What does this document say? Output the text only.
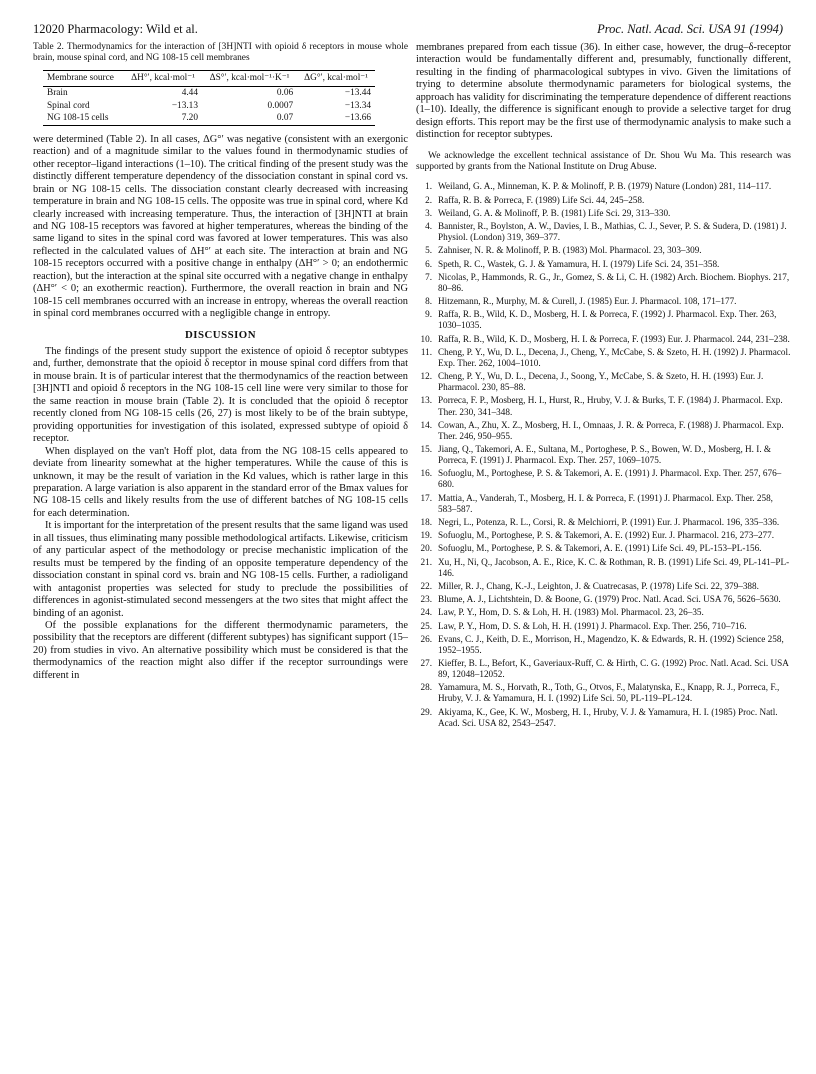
12020 Pharmacology: Wild et al.	Proc. Natl. Acad. Sci. USA 91 (1994)
Table 2. Thermodynamics for the interaction of [3H]NTI with opioid δ receptors in mouse whole brain, mouse spinal cord, and NG 108-15 cell membranes
Membrane source	ΔH°′, kcal·mol⁻¹	ΔS°′, kcal·mol⁻¹·K⁻¹	ΔG°′, kcal·mol⁻¹
Brain	4.44	0.06	−13.44
Spinal cord	−13.13	0.0007	−13.34
NG 108-15 cells	7.20	0.07	−13.66

were determined (Table 2). In all cases, ΔG°′ was negative (consistent with an exergonic reaction) and of a magnitude similar to the values found in thermodynamic studies of other receptor–ligand interactions (1–10). The critical finding of the present study was the distinctly different temperature dependency of the dissociation constant in spinal cord vs. brain or NG 108-15 cells. The dissociation constant clearly decreased with increasing temperature in brain and NG 108-15 cells. The opposite was true in spinal cord, where Kd clearly increased with increasing temperature. Thus, the interaction of [3H]NTI at brain and NG 108-15 receptors was favored at higher temperatures, whereas the binding of the same ligand to sites in the spinal cord was favored at lower temperatures. This was also reflected in the calculated values of ΔH°′ at each site. The interaction at brain and NG 108-15 receptors occurred with a positive change in enthalpy (ΔH°′ > 0; an endothermic reaction), but the interaction at the spinal site occurred with a negative change in enthalpy (ΔH°′ < 0; an exothermic reaction). Furthermore, the overall reaction in brain and NG 108-15 cell membranes occurred with an increase in entropy, whereas the overall reaction in spinal cord membranes occurred with a negligible change in entropy.

DISCUSSION

The findings of the present study support the existence of opioid δ receptor subtypes and, further, demonstrate that the opioid δ receptor in mouse spinal cord differs from that in mouse brain. It is of particular interest that the thermodynamics of the reaction between [3H]NTI and opioid δ receptors in the NG 108-15 cell line were very similar to those for the same reaction in mouse brain (Table 2). It is concluded that the opioid δ receptor recently cloned from NG 108-15 cells (26, 27) is most likely to be of the brain subtype, providing opportunities for investigation of this isolated, expressed subtype of opioid δ receptor.

When displayed on the van't Hoff plot, data from the NG 108-15 cells appeared to deviate from linearity somewhat at the higher temperatures. While the cause of this is unknown, it may be the result of variation in the Kd values, which is rather large in this preparation. A large variation is also apparent in the standard error of the Bmax values for NG 108-15 cells and likely results from the use of different batches of NG 108-15 cells for each determination.

It is important for the interpretation of the present results that the same ligand was used in all tissues, thus eliminating many possible methodological artifacts. Likewise, criticism of any particular aspect of the methodology or precise mechanistic implication of the results must be tempered by the finding of an opposite temperature dependency of the dissociation constant in spinal cord vs. brain and NG 108-15 cells. Further, a radioligand with antagonist properties was selected for study to preclude the possibilities of differences in agonist-stimulated second messengers at the two sites that might affect the binding of an agonist.

Of the possible explanations for the different thermodynamic parameters, the possibility that the receptors are different (different subtypes) has significant support (15–20) from studies in vivo. An alternative possibility which must be considered is that the thermodynamics of the reaction might also differ if the receptor surroundings were different in

membranes prepared from each tissue (36). In either case, however, the drug–δ-receptor interaction would be fundamentally different and, presumably, functionally different, resulting in the finding of pharmacological subtypes in vivo. Given the limitations of trying to determine absolute thermodynamic parameters for biological systems, the approach has validity for discriminating the temperature dependence of different reactions (1–10). Ideally, the difference is significant enough to provide a selective target for drug design efforts. This report may be the first use of thermodynamic analysis to make such a distinction for receptor subtypes.

We acknowledge the excellent technical assistance of Dr. Shou Wu Ma. This research was supported by grants from the National Institute on Drug Abuse.

1. Weiland, G. A., Minneman, K. P. & Molinoff, P. B. (1979) Nature (London) 281, 114–117.
2. Raffa, R. B. & Porreca, F. (1989) Life Sci. 44, 245–258.
3. Weiland, G. A. & Molinoff, P. B. (1981) Life Sci. 29, 313–330.
4. Bannister, R., Boylston, A. W., Davies, I. B., Mathias, C. J., Sever, P. S. & Sudera, D. (1981) J. Physiol. (London) 319, 369–377.
5. Zahniser, N. R. & Molinoff, P. B. (1983) Mol. Pharmacol. 23, 303–309.
6. Speth, R. C., Wastek, G. J. & Yamamura, H. I. (1979) Life Sci. 24, 351–358.
7. Nicolas, P., Hammonds, R. G., Jr., Gomez, S. & Li, C. H. (1982) Arch. Biochem. Biophys. 217, 80–86.
8. Hitzemann, R., Murphy, M. & Curell, J. (1985) Eur. J. Pharmacol. 108, 171–177.
9. Raffa, R. B., Wild, K. D., Mosberg, H. I. & Porreca, F. (1992) J. Pharmacol. Exp. Ther. 263, 1030–1035.
10. Raffa, R. B., Wild, K. D., Mosberg, H. I. & Porreca, F. (1993) Eur. J. Pharmacol. 244, 231–238.
11. Cheng, P. Y., Wu, D. L., Decena, J., Cheng, Y., McCabe, S. & Szeto, H. H. (1992) J. Pharmacol. Exp. Ther. 262, 1004–1010.
12. Cheng, P. Y., Wu, D. L., Decena, J., Soong, Y., McCabe, S. & Szeto, H. H. (1993) Eur. J. Pharmacol. 230, 85–88.
13. Porreca, F. P., Mosberg, H. I., Hurst, R., Hruby, V. J. & Burks, T. F. (1984) J. Pharmacol. Exp. Ther. 230, 341–348.
14. Cowan, A., Zhu, X. Z., Mosberg, H. I., Omnaas, J. R. & Porreca, F. (1988) J. Pharmacol. Exp. Ther. 246, 950–955.
15. Jiang, Q., Takemori, A. E., Sultana, M., Portoghese, P. S., Bowen, W. D., Mosberg, H. I. & Porreca, F. (1991) J. Pharmacol. Exp. Ther. 257, 1069–1075.
16. Sofuoglu, M., Portoghese, P. S. & Takemori, A. E. (1991) J. Pharmacol. Exp. Ther. 257, 676–680.
17. Mattia, A., Vanderah, T., Mosberg, H. I. & Porreca, F. (1991) J. Pharmacol. Exp. Ther. 258, 583–587.
18. Negri, L., Potenza, R. L., Corsi, R. & Melchiorri, P. (1991) Eur. J. Pharmacol. 196, 335–336.
19. Sofuoglu, M., Portoghese, P. S. & Takemori, A. E. (1992) Eur. J. Pharmacol. 216, 273–277.
20. Sofuoglu, M., Portoghese, P. S. & Takemori, A. E. (1991) Life Sci. 49, PL-153–PL-156.
21. Xu, H., Ni, Q., Jacobson, A. E., Rice, K. C. & Rothman, R. B. (1991) Life Sci. 49, PL-141–PL-146.
22. Miller, R. J., Chang, K.-J., Leighton, J. & Cuatrecasas, P. (1978) Life Sci. 22, 379–388.
23. Blume, A. J., Lichtshtein, D. & Boone, G. (1979) Proc. Natl. Acad. Sci. USA 76, 5626–5630.
24. Law, P. Y., Hom, D. S. & Loh, H. H. (1983) Mol. Pharmacol. 23, 26–35.
25. Law, P. Y., Hom, D. S. & Loh, H. H. (1991) J. Pharmacol. Exp. Ther. 256, 710–716.
26. Evans, C. J., Keith, D. E., Morrison, H., Magendzo, K. & Edwards, R. H. (1992) Science 258, 1952–1955.
27. Kieffer, B. L., Befort, K., Gaveriaux-Ruff, C. & Hirth, C. G. (1992) Proc. Natl. Acad. Sci. USA 89, 12048–12052.
28. Yamamura, M. S., Horvath, R., Toth, G., Otvos, F., Malatynska, E., Knapp, R. J., Porreca, F., Hruby, V. J. & Yamamura, H. I. (1992) Life Sci. 50, PL-119–PL-124.
29. Akiyama, K., Gee, K. W., Mosberg, H. I., Hruby, V. J. & Yamamura, H. I. (1985) Proc. Natl. Acad. Sci. USA 82, 2543–2547.
